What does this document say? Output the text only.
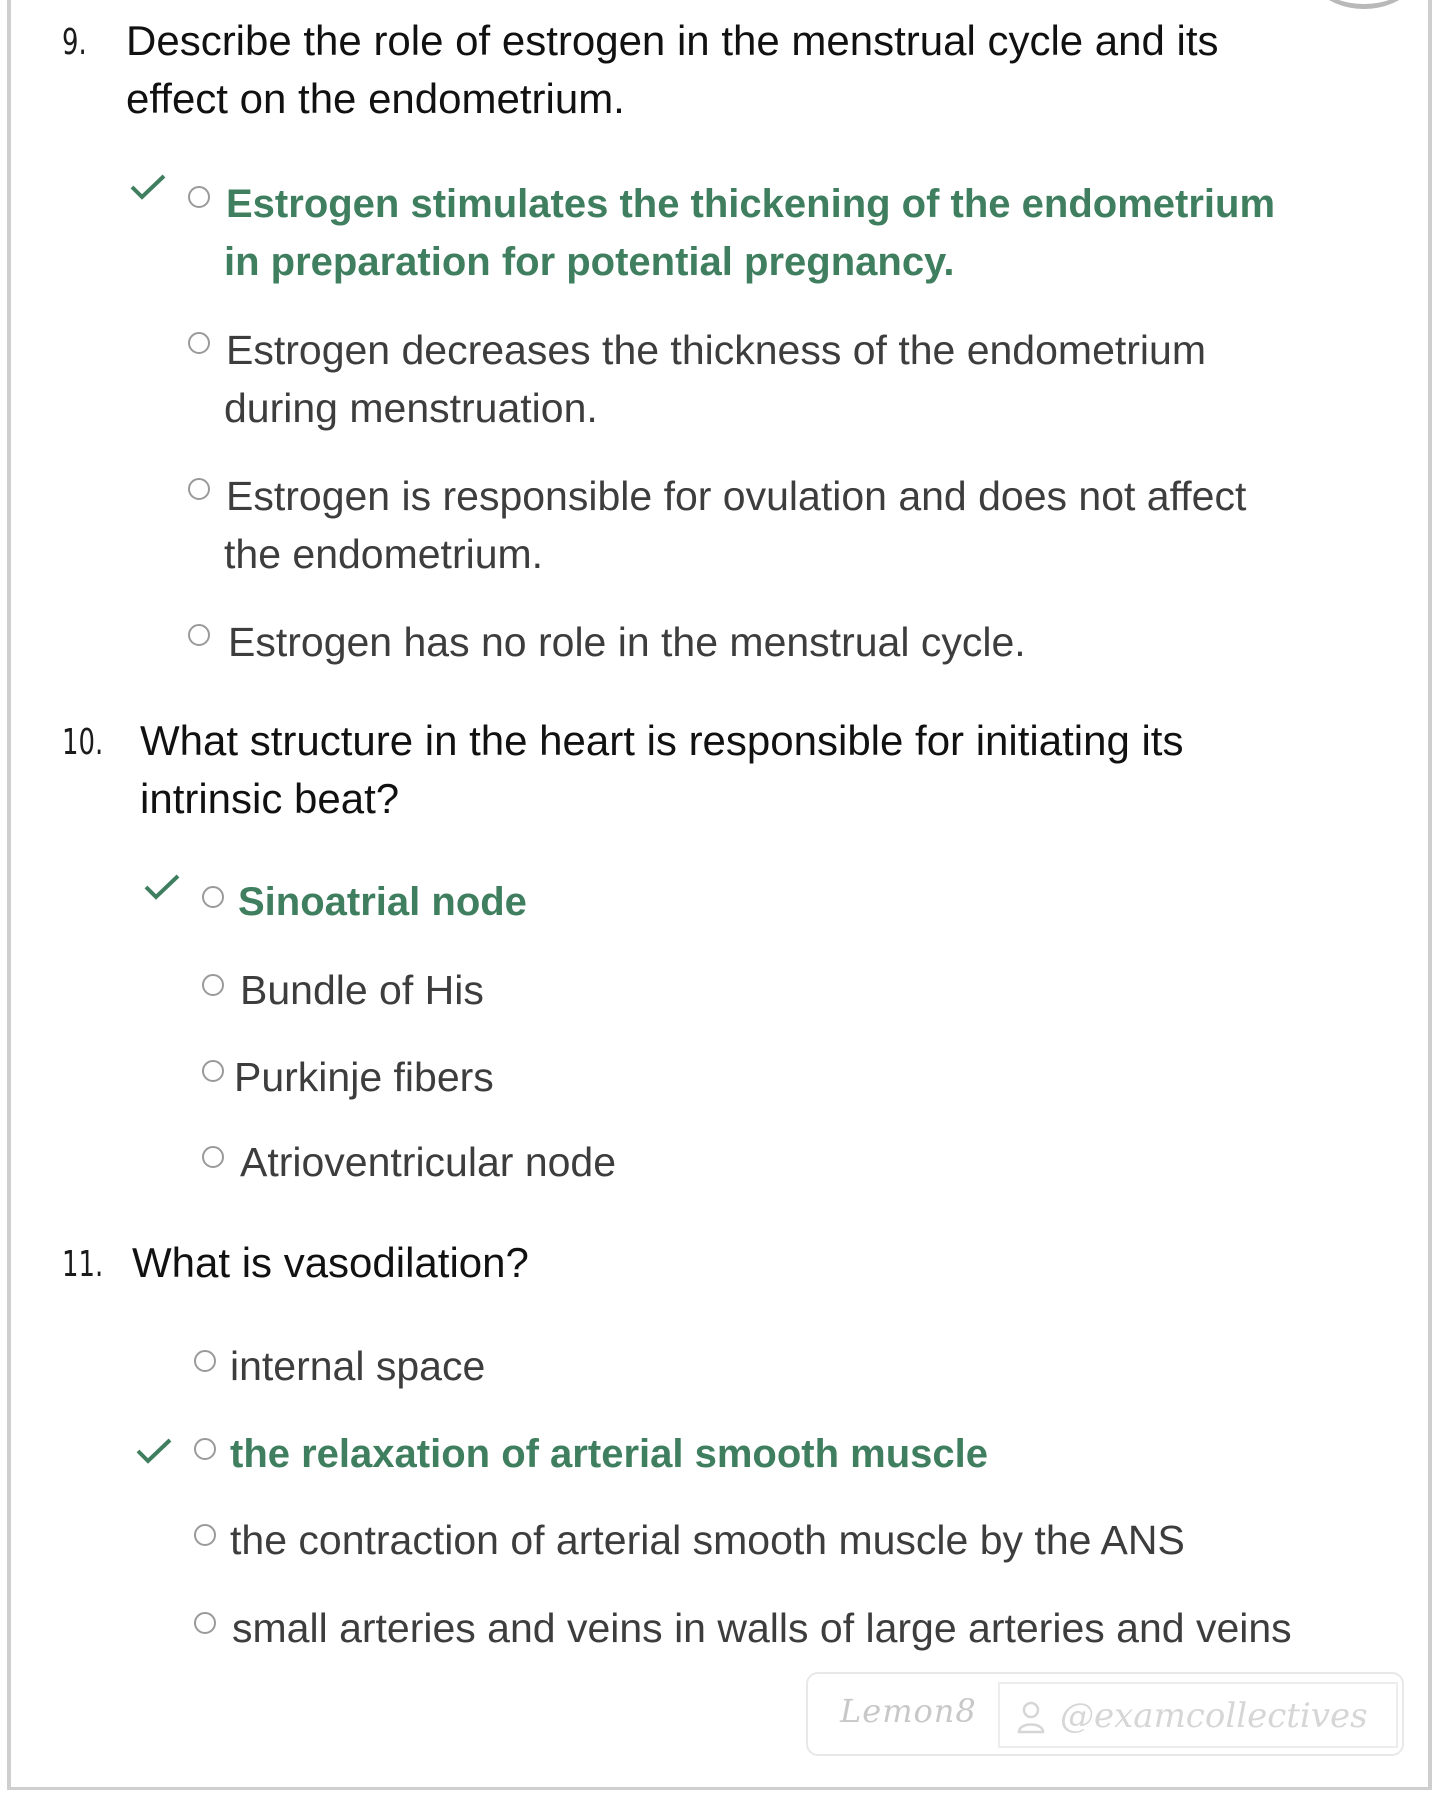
9. Describe the role of estrogen in the menstrual cycle and its
effect on the endometrium.
Estrogen stimulates the thickening of the endometrium
in preparation for potential pregnancy.
Estrogen decreases the thickness of the endometrium
during menstruation.
Estrogen is responsible for ovulation and does not affect
the endometrium.
Estrogen has no role in the menstrual cycle.
10. What structure in the heart is responsible for initiating its
intrinsic beat?
Sinoatrial node
Bundle of His
Purkinje fibers
Atrioventricular node
11. What is vasodilation?
internal space
the relaxation of arterial smooth muscle
the contraction of arterial smooth muscle by the ANS
small arteries and veins in walls of large arteries and veins
Lemon8 @examcollectives
